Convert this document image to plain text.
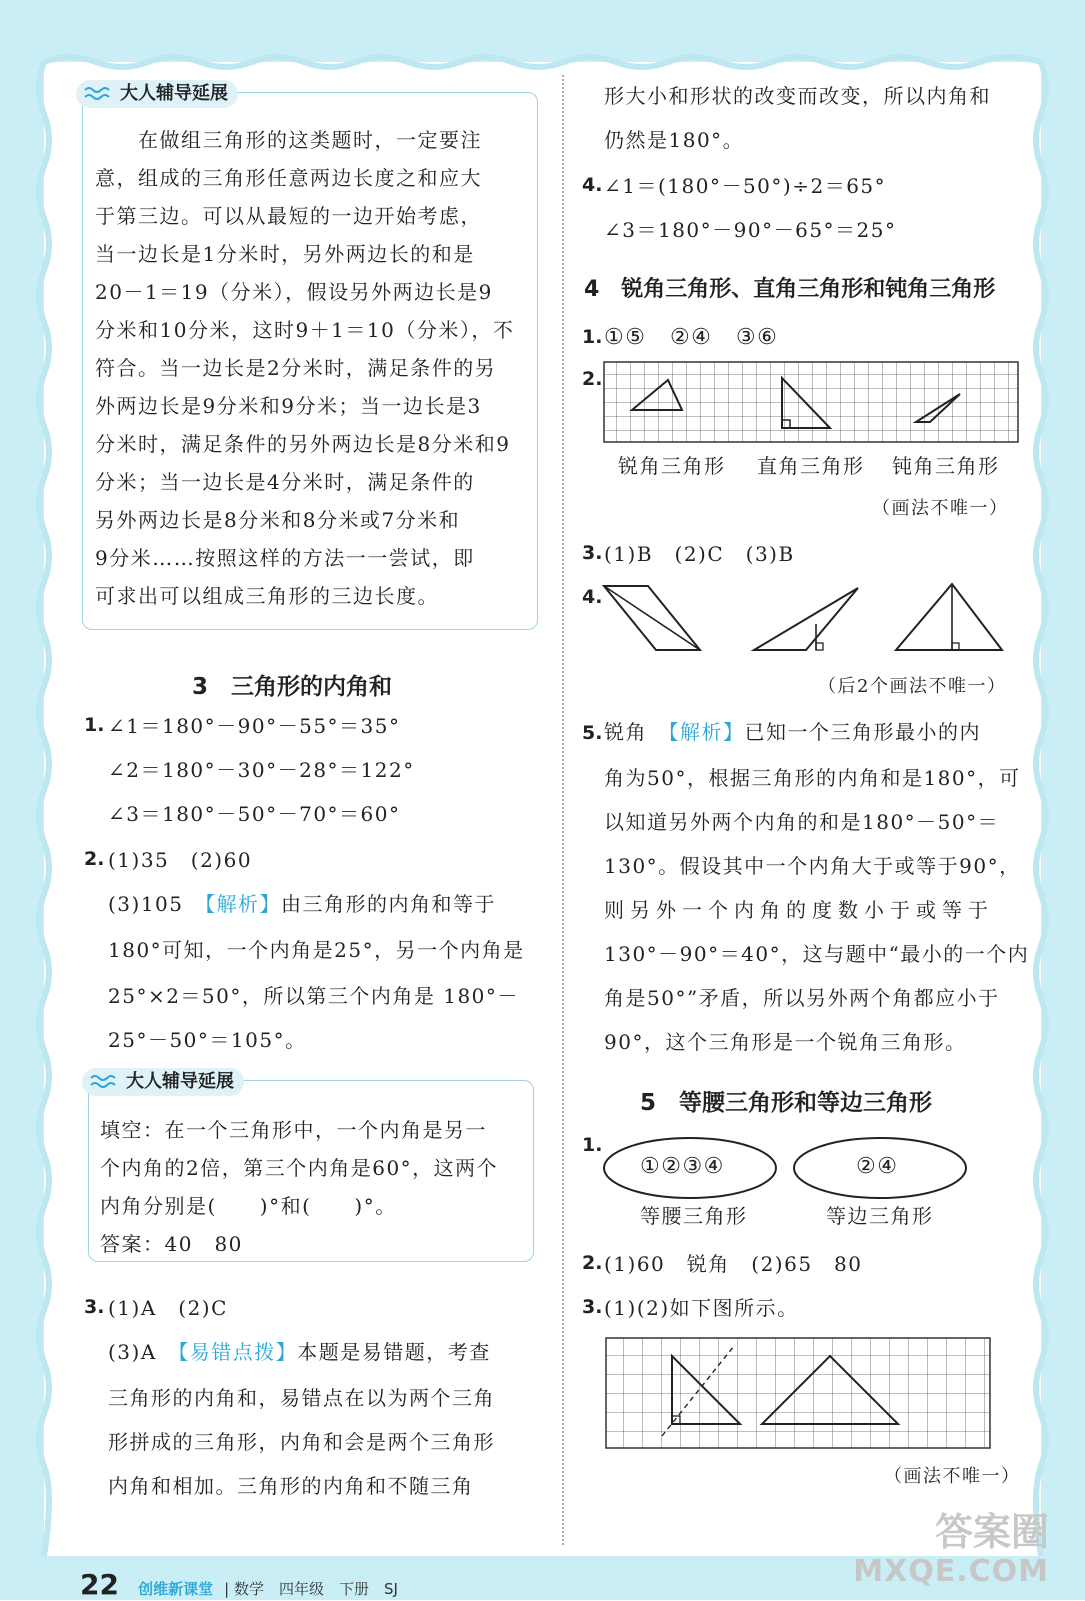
大人辅导延展
　　在做组三角形的这类题时，一定要注
意，组成的三角形任意两边长度之和应大
于第三边。可以从最短的一边开始考虑，
当一边长是1分米时，另外两边长的和是
20－1＝19（分米），假设另外两边长是9
分米和10分米，这时9＋1＝10（分米），不
符合。当一边长是2分米时，满足条件的另
外两边长是9分米和9分米；当一边长是3
分米时，满足条件的另外两边长是8分米和9
分米；当一边长是4分米时，满足条件的
另外两边长是8分米和8分米或7分米和
9分米……按照这样的方法一一尝试，即
可求出可以组成三角形的三边长度。
3　三角形的内角和
1. ∠1＝180°－90°－55°＝35°
∠2＝180°－30°－28°＝122°
∠3＝180°－50°－70°＝60°
2. (1)35　(2)60
(3)105　【解析】由三角形的内角和等于
180°可知，一个内角是25°，另一个内角是
25°×2＝50°，所以第三个内角是 180°－
25°－50°＝105°。
大人辅导延展
填空：在一个三角形中，一个内角是另一
个内角的2倍，第三个内角是60°，这两个
内角分别是(　　)°和(　　)°。
答案：40　80
3. (1)A　(2)C
(3)A　【易错点拨】本题是易错题，考查
三角形的内角和，易错点在以为两个三角
形拼成的三角形，内角和会是两个三角形
内角和相加。三角形的内角和不随三角
形大小和形状的改变而改变，所以内角和
仍然是180°。
4. ∠1＝(180°－50°)÷2＝65°
∠3＝180°－90°－65°＝25°
4　锐角三角形、直角三角形和钝角三角形
1. ①⑤　②④　③⑥
2.
锐角三角形 直角三角形 钝角三角形
（画法不唯一）
3. (1)B　(2)C　(3)B
4.
（后2个画法不唯一）
5. 锐角　【解析】已知一个三角形最小的内
角为50°，根据三角形的内角和是180°，可
以知道另外两个内角的和是180°－50°＝
130°。假设其中一个内角大于或等于90°，
则另外一个内角的度数小于或等于
130°－90°＝40°，这与题中“最小的一个内
角是50°”矛盾，所以另外两个角都应小于
90°，这个三角形是一个锐角三角形。
5　等腰三角形和等边三角形
1.
①②③④	②④
等腰三角形	等边三角形
2. (1)60　锐角　(2)65　80
3. (1)(2)如下图所示。
（画法不唯一）
22 创维新课堂 | 数学　四年级　下册　SJ
答案圈
MXQE.COM
